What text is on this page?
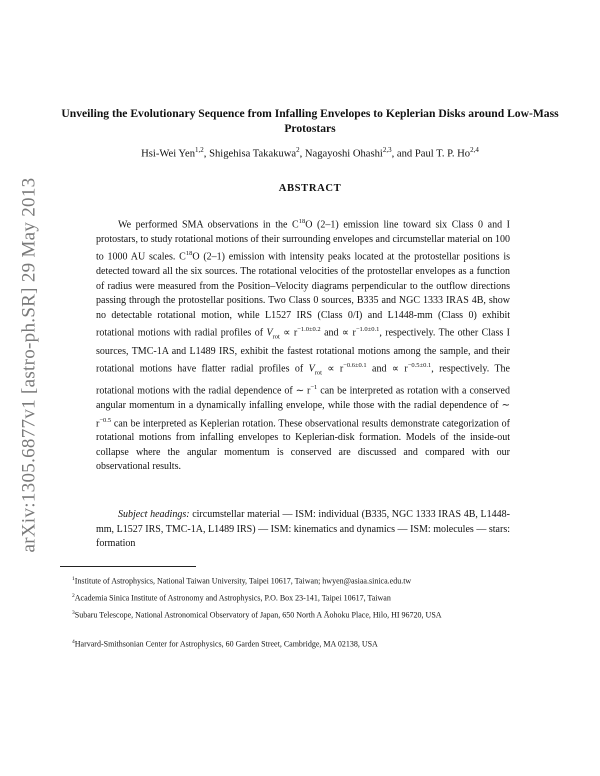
arXiv:1305.6877v1 [astro-ph.SR] 29 May 2013
Unveiling the Evolutionary Sequence from Infalling Envelopes to Keplerian Disks around Low-Mass Protostars
Hsi-Wei Yen$^{1,2}$, Shigehisa Takakuwa$^2$, Nagayoshi Ohashi$^{2,3}$, and Paul T. P. Ho$^{2,4}$
ABSTRACT
We performed SMA observations in the $C^{18}O$ (2–1) emission line toward six Class 0 and I protostars, to study rotational motions of their surrounding envelopes and circumstellar material on 100 to 1000 AU scales. $C^{18}O$ (2–1) emission with intensity peaks located at the protostellar positions is detected toward all the six sources. The rotational velocities of the protostellar envelopes as a function of radius were measured from the Position–Velocity diagrams perpendicular to the outflow directions passing through the protostellar positions. Two Class 0 sources, B335 and NGC 1333 IRAS 4B, show no detectable rotational motion, while L1527 IRS (Class 0/I) and L1448-mm (Class 0) exhibit rotational motions with radial profiles of $V_{rot} \propto r^{-1.0\pm 0.2}$ and ∝ $r^{-1.0\pm 0.1}$, respectively. The other Class I sources, TMC-1A and L1489 IRS, exhibit the fastest rotational motions among the sample, and their rotational motions have flatter radial profiles of $V_{rot} \propto r^{-0.6\pm 0.1}$ and ∝ $r^{-0.5\pm 0.1}$, respectively. The rotational motions with the radial dependence of ∼ $r^{-1}$ can be interpreted as rotation with a conserved angular momentum in a dynamically infalling envelope, while those with the radial dependence of ∼ $r^{-0.5}$ can be interpreted as Keplerian rotation. These observational results demonstrate categorization of rotational motions from infalling envelopes to Keplerian-disk formation. Models of the inside-out collapse where the angular momentum is conserved are discussed and compared with our observational results.
Subject headings: circumstellar material — ISM: individual (B335, NGC 1333 IRAS 4B, L1448-mm, L1527 IRS, TMC-1A, L1489 IRS) — ISM: kinematics and dynamics — ISM: molecules — stars: formation
$^1$Institute of Astrophysics, National Taiwan University, Taipei 10617, Taiwan; hwyen@asiaa.sinica.edu.tw
$^2$Academia Sinica Institute of Astronomy and Astrophysics, P.O. Box 23-141, Taipei 10617, Taiwan
$^3$Subaru Telescope, National Astronomical Observatory of Japan, 650 North A Āohoku Place, Hilo, HI 96720, USA
$^4$Harvard-Smithsonian Center for Astrophysics, 60 Garden Street, Cambridge, MA 02138, USA
